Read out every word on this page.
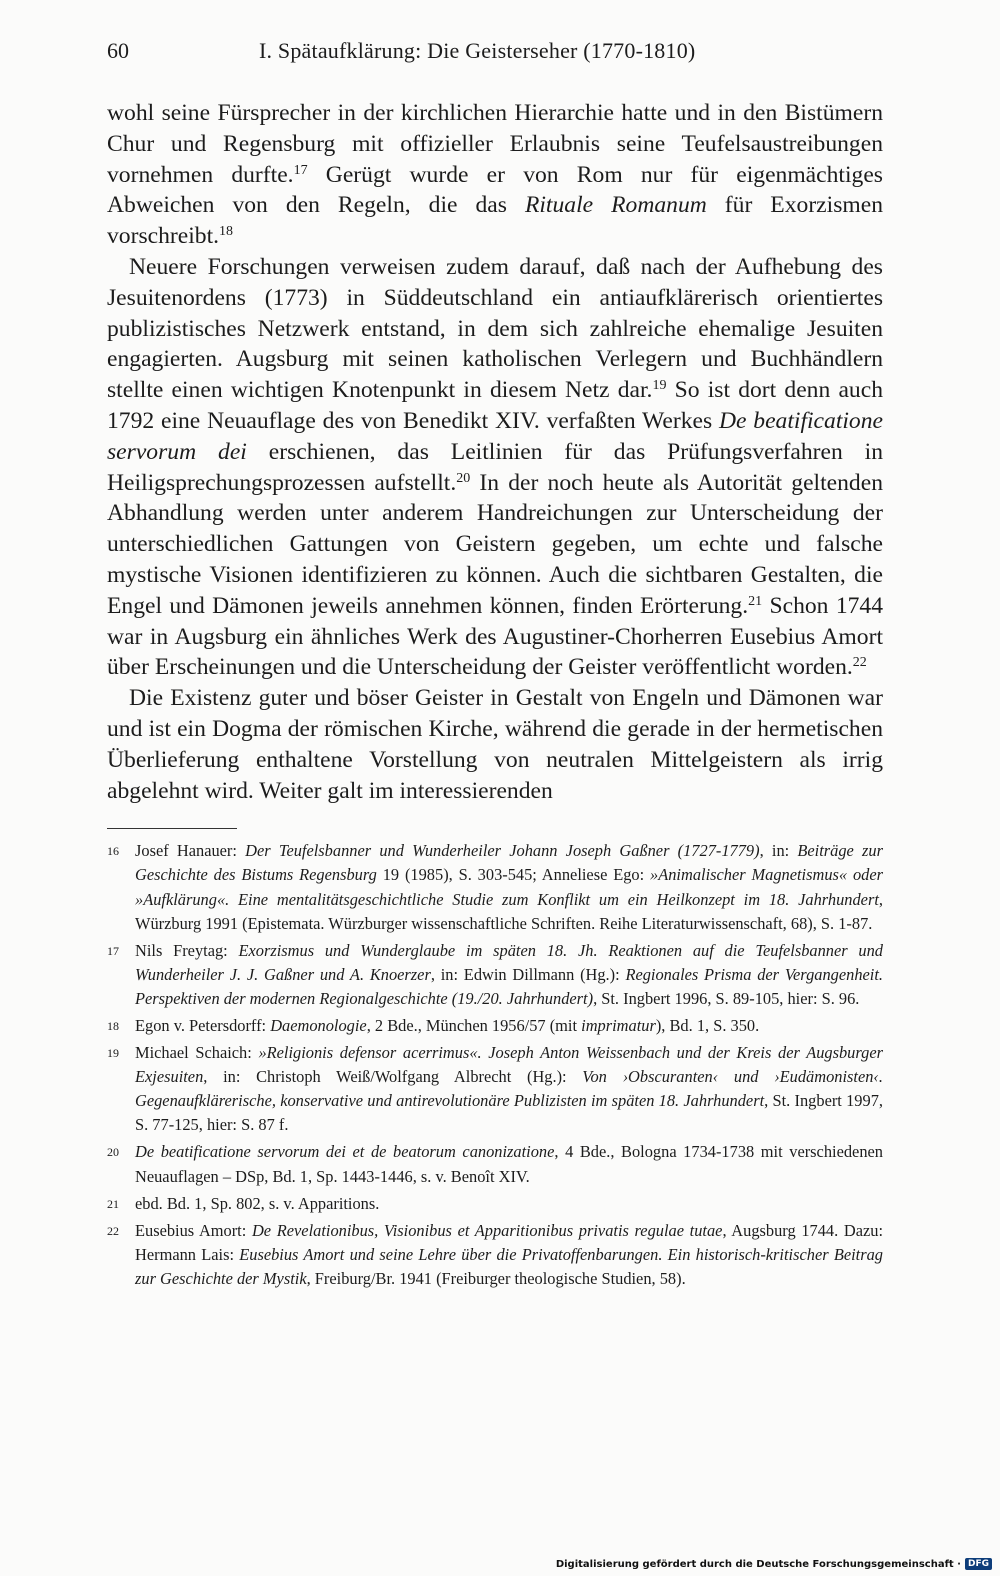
60	I. Spätaufklärung: Die Geisterseher (1770-1810)

wohl seine Fürsprecher in der kirchlichen Hierarchie hatte und in den Bistümern Chur und Regensburg mit offizieller Erlaubnis seine Teufelsaustreibungen vornehmen durfte.$^{17}$ Gerügt wurde er von Rom nur für eigenmächtiges Abweichen von den Regeln, die das Rituale Romanum für Exorzismen vorschreibt.$^{18}$

Neuere Forschungen verweisen zudem darauf, daß nach der Aufhebung des Jesuitenordens (1773) in Süddeutschland ein antiaufklärerisch orientiertes publizistisches Netzwerk entstand, in dem sich zahlreiche ehemalige Jesuiten engagierten. Augsburg mit seinen katholischen Verlegern und Buchhändlern stellte einen wichtigen Knotenpunkt in diesem Netz dar.$^{19}$ So ist dort denn auch 1792 eine Neuauflage des von Benedikt XIV. verfaßten Werkes De beatificatione servorum dei erschienen, das Leitlinien für das Prüfungsverfahren in Heiligsprechungsprozessen aufstellt.$^{20}$ In der noch heute als Autorität geltenden Abhandlung werden unter anderem Handreichungen zur Unterscheidung der unterschiedlichen Gattungen von Geistern gegeben, um echte und falsche mystische Visionen identifizieren zu können. Auch die sichtbaren Gestalten, die Engel und Dämonen jeweils annehmen können, finden Erörterung.$^{21}$ Schon 1744 war in Augsburg ein ähnliches Werk des Augustiner-Chorherren Eusebius Amort über Erscheinungen und die Unterscheidung der Geister veröffentlicht worden.$^{22}$

Die Existenz guter und böser Geister in Gestalt von Engeln und Dämonen war und ist ein Dogma der römischen Kirche, während die gerade in der hermetischen Überlieferung enthaltene Vorstellung von neutralen Mittelgeistern als irrig abgelehnt wird. Weiter galt im interessierenden

16 Josef Hanauer: Der Teufelsbanner und Wunderheiler Johann Joseph Gaßner (1727-1779), in: Beiträge zur Geschichte des Bistums Regensburg 19 (1985), S. 303-545; Anneliese Ego: »Animalischer Magnetismus« oder »Aufklärung«. Eine mentalitätsgeschichtliche Studie zum Konflikt um ein Heilkonzept im 18. Jahrhundert, Würzburg 1991 (Epistemata. Würzburger wissenschaftliche Schriften. Reihe Literaturwissenschaft, 68), S. 1-87.
17 Nils Freytag: Exorzismus und Wunderglaube im späten 18. Jh. Reaktionen auf die Teufelsbanner und Wunderheiler J. J. Gaßner und A. Knoerzer, in: Edwin Dillmann (Hg.): Regionales Prisma der Vergangenheit. Perspektiven der modernen Regionalgeschichte (19./20. Jahrhundert), St. Ingbert 1996, S. 89-105, hier: S. 96.
18 Egon v. Petersdorff: Daemonologie, 2 Bde., München 1956/57 (mit imprimatur), Bd. 1, S. 350.
19 Michael Schaich: »Religionis defensor acerrimus«. Joseph Anton Weissenbach und der Kreis der Augsburger Exjesuiten, in: Christoph Weiß/Wolfgang Albrecht (Hg.): Von ›Obscuranten‹ und ›Eudämonisten‹. Gegenaufklärerische, konservative und antirevolutionäre Publizisten im späten 18. Jahrhundert, St. Ingbert 1997, S. 77-125, hier: S. 87 f.
20 De beatificatione servorum dei et de beatorum canonizatione, 4 Bde., Bologna 1734-1738 mit verschiedenen Neuauflagen – DSp, Bd. 1, Sp. 1443-1446, s. v. Benoît XIV.
21 ebd. Bd. 1, Sp. 802, s. v. Apparitions.
22 Eusebius Amort: De Revelationibus, Visionibus et Apparitionibus privatis regulae tutae, Augsburg 1744. Dazu: Hermann Lais: Eusebius Amort und seine Lehre über die Privatoffenbarungen. Ein historisch-kritischer Beitrag zur Geschichte der Mystik, Freiburg/Br. 1941 (Freiburger theologische Studien, 58).
Digitalisierung gefördert durch die Deutsche Forschungsgemeinschaft · DFG
